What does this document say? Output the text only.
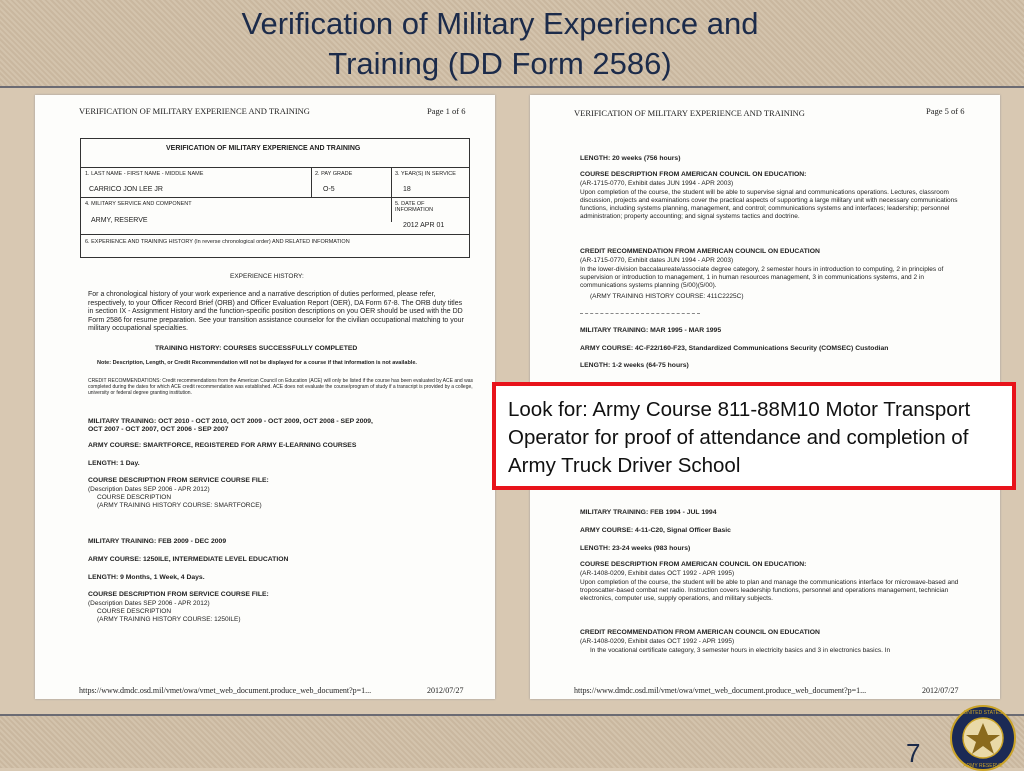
Verification of Military Experience and
Training (DD Form 2586)
VERIFICATION OF MILITARY EXPERIENCE AND TRAINING	Page 1 of 6
VERIFICATION OF MILITARY EXPERIENCE AND TRAINING
1. LAST NAME - FIRST NAME - MIDDLE NAME
CARRICO JON LEE JR
2. PAY GRADE
O-5
3. YEAR(S) IN SERVICE
18
4. MILITARY SERVICE AND COMPONENT
ARMY, RESERVE
5. DATE OF INFORMATION
2012 APR 01
6. EXPERIENCE AND TRAINING HISTORY (In reverse chronological order) AND RELATED INFORMATION
EXPERIENCE HISTORY:
For a chronological history of your work experience and a narrative description of duties performed, please refer, respectively, to your Officer Record Brief (ORB) and Officer Evaluation Report (OER), DA Form 67-8. The ORB duty titles in section IX - Assignment History and the function-specific position descriptions on you OER should be used with the DD Form 2586 for resume preparation. See your transition assistance counselor for the civilian occupational matching to your military occupational specialties.
TRAINING HISTORY: COURSES SUCCESSFULLY COMPLETED
Note: Description, Length, or Credit Recommendation will not be displayed for a course if that information is not available.
CREDIT RECOMMENDATIONS: Credit recommendations from the American Council on Education (ACE) will only be listed if the course has been evaluated by ACE and was completed during the dates for which ACE credit recommendation was established. ACE does not evaluate the course/program of study if a transcript is provided by a college, university or federal degree granting institution.
MILITARY TRAINING: OCT 2010 - OCT 2010, OCT 2009 - OCT 2009, OCT 2008 - SEP 2009,
OCT 2007 - OCT 2007, OCT 2006 - SEP 2007
ARMY COURSE: SMARTFORCE, REGISTERED FOR ARMY E-LEARNING COURSES
LENGTH: 1 Day.
COURSE DESCRIPTION FROM SERVICE COURSE FILE:
(Description Dates SEP 2006 - APR 2012)
COURSE DESCRIPTION
(ARMY TRAINING HISTORY COURSE: SMARTFORCE)
MILITARY TRAINING: FEB 2009 - DEC 2009
ARMY COURSE: 1250ILE, INTERMEDIATE LEVEL EDUCATION
LENGTH: 9 Months, 1 Week, 4 Days.
COURSE DESCRIPTION FROM SERVICE COURSE FILE:
(Description Dates SEP 2006 - APR 2012)
COURSE DESCRIPTION
(ARMY TRAINING HISTORY COURSE: 1250ILE)
https://www.dmdc.osd.mil/vmet/owa/vmet_web_document.produce_web_document?p=1...	2012/07/27
VERIFICATION OF MILITARY EXPERIENCE AND TRAINING	Page 5 of 6
LENGTH: 20 weeks (756 hours)
COURSE DESCRIPTION FROM AMERICAN COUNCIL ON EDUCATION:
(AR-1715-0770, Exhibit dates JUN 1994 - APR 2003)
Upon completion of the course, the student will be able to supervise signal and communications operations. Lectures, classroom discussion, projects and examinations cover the practical aspects of supporting a large military unit with necessary communications functions, including systems planning, management, and control; communications systems and interfaces; leadership; personnel administration; property accounting; and signal systems tactics and doctrine.
CREDIT RECOMMENDATION FROM AMERICAN COUNCIL ON EDUCATION
(AR-1715-0770, Exhibit dates JUN 1994 - APR 2003)
In the lower-division baccalaureate/associate degree category, 2 semester hours in introduction to computing, 2 in principles of supervision or introduction to management, 1 in human resources management, 3 in communications systems, and 2 in communications systems planning (5/00)(5/00).
(ARMY TRAINING HISTORY COURSE: 411C2225C)
MILITARY TRAINING: MAR 1995 - MAR 1995
ARMY COURSE: 4C-F22/160-F23, Standardized Communications Security (COMSEC) Custodian
LENGTH: 1-2 weeks (64-75 hours)
MILITARY TRAINING: FEB 1994 - JUL 1994
ARMY COURSE: 4-11-C20, Signal Officer Basic
LENGTH: 23-24 weeks (983 hours)
COURSE DESCRIPTION FROM AMERICAN COUNCIL ON EDUCATION:
(AR-1408-0209, Exhibit dates OCT 1992 - APR 1995)
Upon completion of the course, the student will be able to plan and manage the communications interface for microwave-based and troposcatter-based combat net radio. Instruction covers leadership functions, personnel and operations management, technician electronics, computer use, supply operations, and military subjects.
CREDIT RECOMMENDATION FROM AMERICAN COUNCIL ON EDUCATION
(AR-1408-0209, Exhibit dates OCT 1992 - APR 1995)
In the vocational certificate category, 3 semester hours in electricity basics and 3 in electronics basics. In
https://www.dmdc.osd.mil/vmet/owa/vmet_web_document.produce_web_document?p=1...	2012/07/27
Look for: Army Course 811-88M10 Motor Transport Operator for proof of attendance and completion of Army Truck Driver School
7
UNITED STATES
ARMY RESERVE
